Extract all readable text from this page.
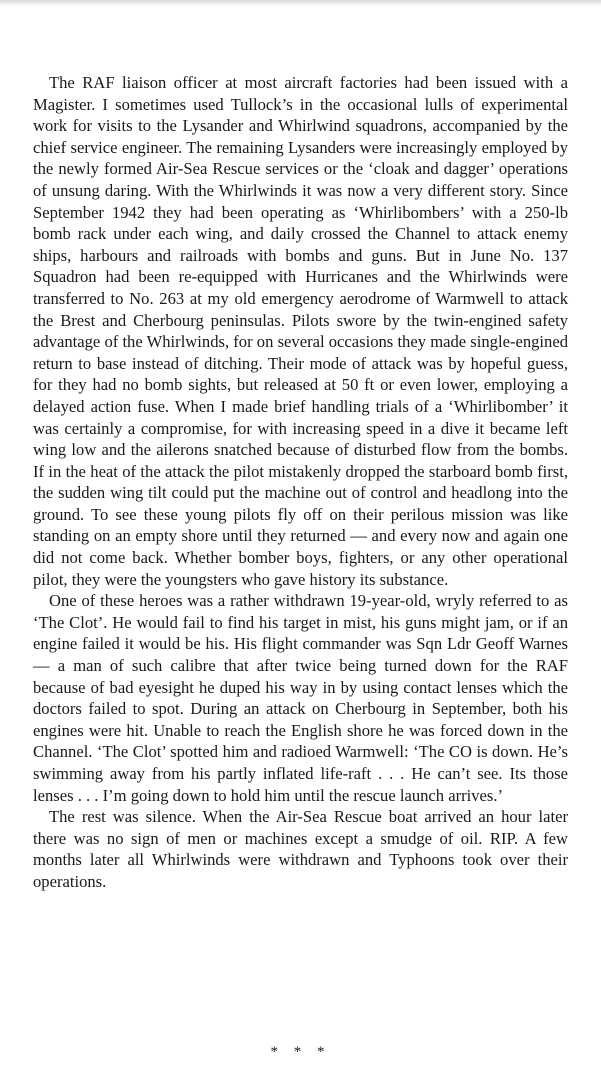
The RAF liaison officer at most aircraft factories had been issued with a Magister. I sometimes used Tullock’s in the occasional lulls of experimental work for visits to the Lysander and Whirlwind squadrons, accompanied by the chief service engineer. The remaining Lysanders were increasingly employed by the newly formed Air-Sea Rescue services or the ‘cloak and dagger’ operations of unsung daring. With the Whirlwinds it was now a very different story. Since September 1942 they had been operating as ‘Whirlibombers’ with a 250-lb bomb rack under each wing, and daily crossed the Channel to attack enemy ships, harbours and railroads with bombs and guns. But in June No. 137 Squadron had been re-equipped with Hurricanes and the Whirlwinds were transferred to No. 263 at my old emergency aerodrome of Warmwell to attack the Brest and Cherbourg peninsulas. Pilots swore by the twin-engined safety advantage of the Whirlwinds, for on several occasions they made single-engined return to base instead of ditching. Their mode of attack was by hopeful guess, for they had no bomb sights, but released at 50 ft or even lower, employing a delayed action fuse. When I made brief handling trials of a ‘Whirlibomber’ it was certainly a compromise, for with increasing speed in a dive it became left wing low and the ailerons snatched because of disturbed flow from the bombs. If in the heat of the attack the pilot mistakenly dropped the starboard bomb first, the sudden wing tilt could put the machine out of control and headlong into the ground. To see these young pilots fly off on their perilous mission was like standing on an empty shore until they returned — and every now and again one did not come back. Whether bomber boys, fighters, or any other operational pilot, they were the youngsters who gave history its substance.

One of these heroes was a rather withdrawn 19-year-old, wryly referred to as ‘The Clot’. He would fail to find his target in mist, his guns might jam, or if an engine failed it would be his. His flight commander was Sqn Ldr Geoff Warnes — a man of such calibre that after twice being turned down for the RAF because of bad eyesight he duped his way in by using contact lenses which the doctors failed to spot. During an attack on Cherbourg in September, both his engines were hit. Unable to reach the English shore he was forced down in the Channel. ‘The Clot’ spotted him and radioed Warmwell: ‘The CO is down. He’s swimming away from his partly inflated life-raft . . . He can’t see. Its those lenses . . . I’m going down to hold him until the rescue launch arrives.’

The rest was silence. When the Air-Sea Rescue boat arrived an hour later there was no sign of men or machines except a smudge of oil. RIP. A few months later all Whirlwinds were withdrawn and Typhoons took over their operations.

* * *
